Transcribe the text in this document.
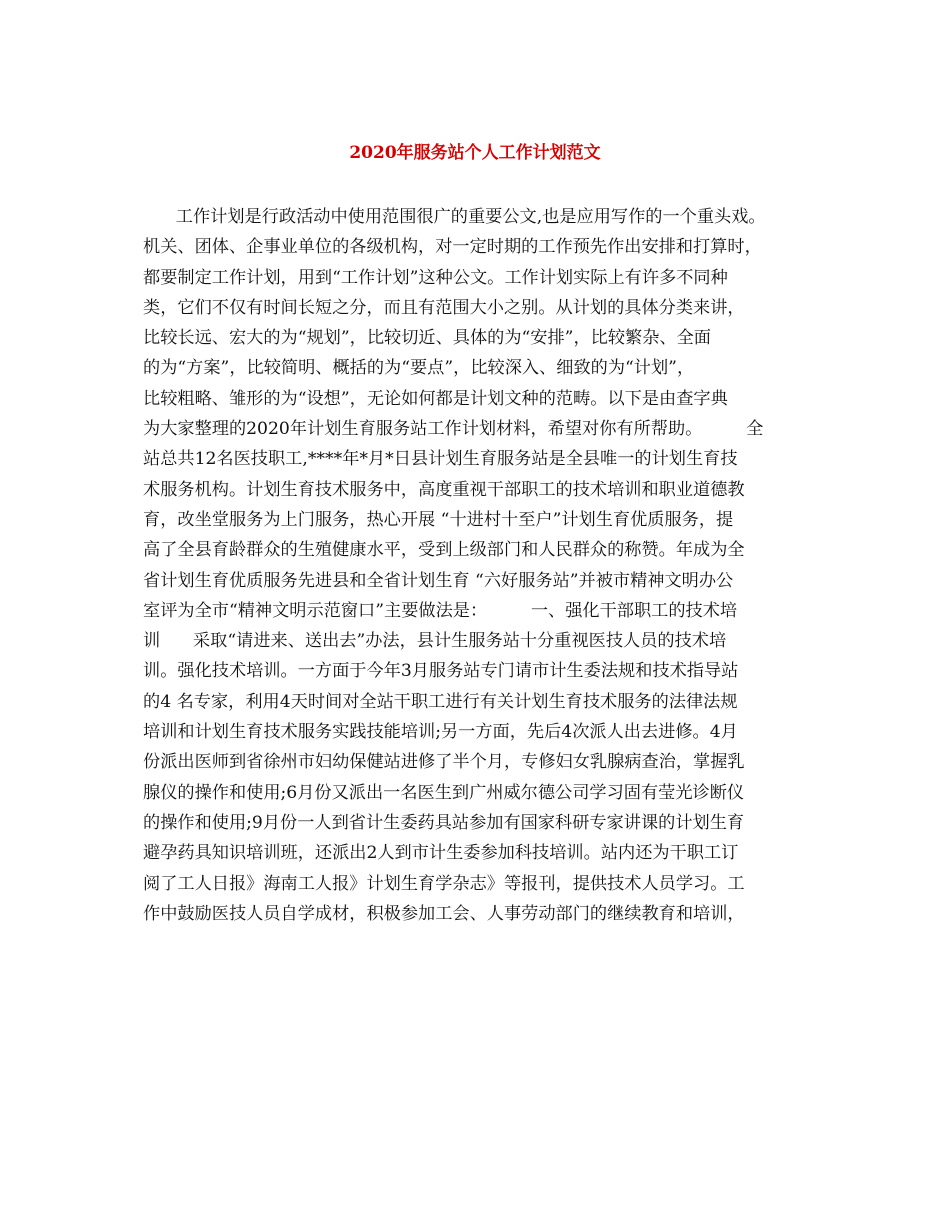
2020年服务站个人工作计划范文
工作计划是行政活动中使用范围很广的重要公文,也是应用写作的一个重头戏。
机关、团体、企事业单位的各级机构，对一定时期的工作预先作出安排和打算时，
都要制定工作计划，用到“工作计划”这种公文。工作计划实际上有许多不同种
类，它们不仅有时间长短之分，而且有范围大小之别。从计划的具体分类来讲，
比较长远、宏大的为“规划”，比较切近、具体的为“安排”，比较繁杂、全面
的为“方案”，比较简明、概括的为“要点”，比较深入、细致的为“计划”，
比较粗略、雏形的为“设想”，无论如何都是计划文种的范畴。以下是由查字典
为大家整理的2020年计划生育服务站工作计划材料，希望对你有所帮助。        全
站总共12名医技职工,****年*月*日县计划生育服务站是全县唯一的计划生育技
术服务机构。计划生育技术服务中，高度重视干部职工的技术培训和职业道德教
育，改坐堂服务为上门服务，热心开展 “十进村十至户”计划生育优质服务，提
高了全县育龄群众的生殖健康水平，受到上级部门和人民群众的称赞。年成为全
省计划生育优质服务先进县和全省计划生育 “六好服务站”并被市精神文明办公
室评为全市“精神文明示范窗口”主要做法是：        一、强化干部职工的技术培
训      采取“请进来、送出去”办法，县计生服务站十分重视医技人员的技术培
训。强化技术培训。一方面于今年3月服务站专门请市计生委法规和技术指导站
的4 名专家，利用4天时间对全站干职工进行有关计划生育技术服务的法律法规
培训和计划生育技术服务实践技能培训;另一方面，先后4次派人出去进修。4月
份派出医师到省徐州市妇幼保健站进修了半个月，专修妇女乳腺病查治，掌握乳
腺仪的操作和使用;6月份又派出一名医生到广州威尔德公司学习固有莹光诊断仪
的操作和使用;9月份一人到省计生委药具站参加有国家科研专家讲课的计划生育
避孕药具知识培训班，还派出2人到市计生委参加科技培训。站内还为干职工订
阅了工人日报》海南工人报》计划生育学杂志》等报刊，提供技术人员学习。工
作中鼓励医技人员自学成材，积极参加工会、人事劳动部门的继续教育和培训，
